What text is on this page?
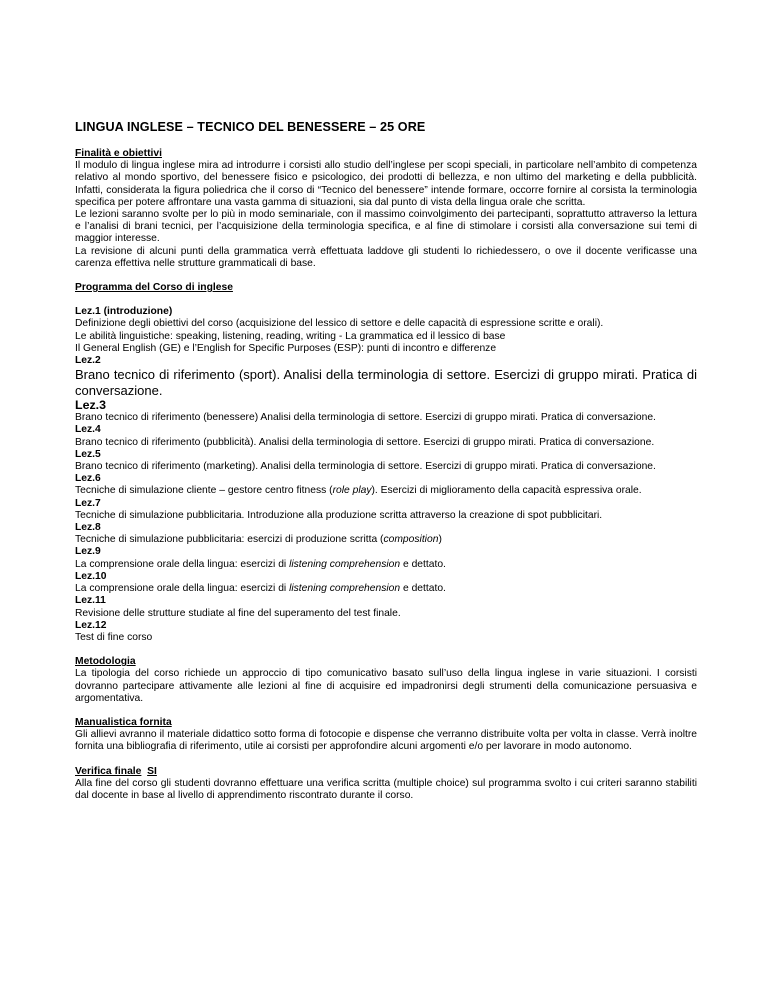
LINGUA INGLESE – TECNICO DEL BENESSERE – 25 ORE
Finalità e obiettivi

Il modulo di lingua inglese mira ad introdurre i corsisti allo studio dell’inglese per scopi speciali, in particolare nell’ambito di competenza relativo al mondo sportivo, del benessere fisico e psicologico, dei prodotti di bellezza, e non ultimo del marketing e della pubblicità. Infatti, considerata la figura poliedrica che il corso di “Tecnico del benessere” intende formare, occorre fornire al corsista la terminologia specifica per potere affrontare una vasta gamma di situazioni, sia dal punto di vista della lingua orale che scritta.

Le lezioni saranno svolte per lo più in modo seminariale, con il massimo coinvolgimento dei partecipanti, soprattutto attraverso la lettura e l’analisi di brani tecnici, per l’acquisizione della terminologia specifica, e al fine di stimolare i corsisti alla conversazione sui temi di maggior interesse.

La revisione di alcuni punti della grammatica verrà effettuata laddove gli studenti lo richiedessero, o ove il docente verificasse una carenza effettiva nelle strutture grammaticali di base.

Programma del Corso di inglese
Lez.1 (introduzione)

Definizione degli obiettivi del corso (acquisizione del lessico di settore e delle capacità di espressione scritte e orali).

Le abilità linguistiche: speaking, listening, reading, writing - La grammatica ed il lessico di base

Il General English (GE) e l’English for Specific Purposes (ESP): punti di incontro e differenze

Lez.2

Brano tecnico di riferimento (sport). Analisi della terminologia di settore. Esercizi di gruppo mirati. Pratica di conversazione.

Lez.3

Brano tecnico di riferimento (benessere) Analisi della terminologia di settore. Esercizi di gruppo mirati. Pratica di conversazione.

Lez.4

Brano tecnico di riferimento (pubblicità). Analisi della terminologia di settore. Esercizi di gruppo mirati. Pratica di conversazione.

Lez.5

Brano tecnico di riferimento (marketing). Analisi della terminologia di settore. Esercizi di gruppo mirati. Pratica di conversazione.

Lez.6

Tecniche di simulazione cliente – gestore centro fitness (role play). Esercizi di miglioramento della capacità espressiva orale.

Lez.7

Tecniche di simulazione pubblicitaria. Introduzione alla produzione scritta attraverso la creazione di spot pubblicitari.

Lez.8

Tecniche di simulazione pubblicitaria: esercizi di produzione scritta (composition)

Lez.9

La comprensione orale della lingua: esercizi di listening comprehension e dettato.

Lez.10

La comprensione orale della lingua: esercizi di listening comprehension e dettato.

Lez.11

Revisione delle strutture studiate al fine del superamento del test finale.

Lez.12

Test di fine corso

Metodologia

La tipologia del corso richiede un approccio di tipo comunicativo basato sull’uso della lingua inglese in varie situazioni. I corsisti dovranno partecipare attivamente alle lezioni al fine di acquisire ed impadronirsi degli strumenti della comunicazione persuasiva e argomentativa.

Manualistica fornita

Gli allievi avranno il materiale didattico sotto forma di fotocopie e dispense che verranno distribuite volta per volta in classe. Verrà inoltre fornita una bibliografia di riferimento, utile ai corsisti per approfondire alcuni argomenti e/o per lavorare in modo autonomo.

Verifica finale SI

Alla fine del corso gli studenti dovranno effettuare una verifica scritta (multiple choice) sul programma svolto i cui criteri saranno stabiliti dal docente in base al livello di apprendimento riscontrato durante il corso.
